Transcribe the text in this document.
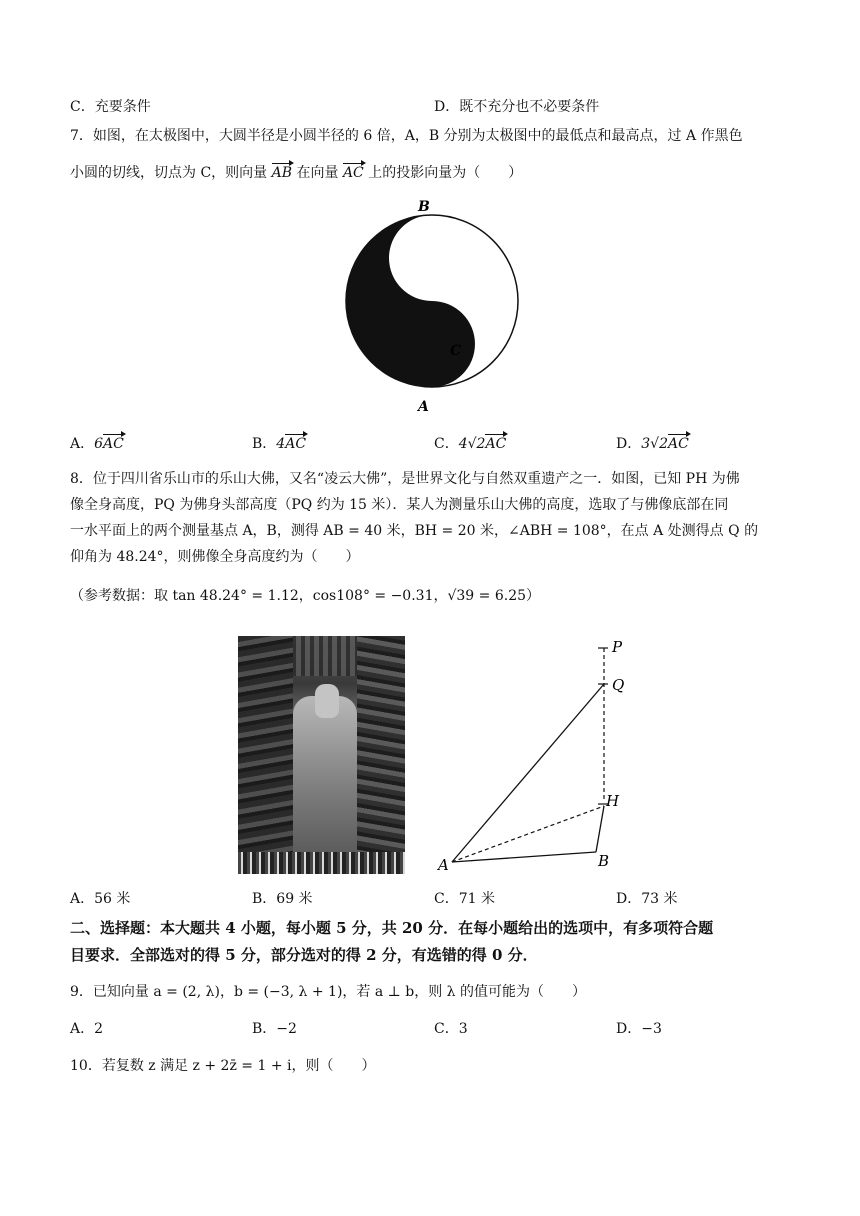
C．充要条件	D．既不充分也不必要条件
7．如图，在太极图中，大圆半径是小圆半径的 6 倍，A，B 分别为太极图中的最低点和最高点，过 A 作黑色
小圆的切线，切点为 C，则向量 AB 在向量 AC 上的投影向量为（　　）
B
C
A
A．6AC	B．4AC	C．4√2AC	D．3√2AC
8．位于四川省乐山市的乐山大佛，又名“凌云大佛”，是世界文化与自然双重遗产之一．如图，已知 PH 为佛
像全身高度，PQ 为佛身头部高度（PQ 约为 15 米）．某人为测量乐山大佛的高度，选取了与佛像底部在同
一水平面上的两个测量基点 A，B，测得 AB = 40 米，BH = 20 米，∠ABH = 108°，在点 A 处测得点 Q 的
仰角为 48.24°，则佛像全身高度约为（　　）
（参考数据：取 tan 48.24° = 1.12，cos108° = −0.31，√39 = 6.25）
P
Q
H
A	B
A．56 米	B．69 米	C．71 米	D．73 米
二、选择题：本大题共 4 小题，每小题 5 分，共 20 分．在每小题给出的选项中，有多项符合题
目要求．全部选对的得 5 分，部分选对的得 2 分，有选错的得 0 分．
9．已知向量 a = (2, λ)，b = (−3, λ + 1)，若 a ⊥ b，则 λ 的值可能为（　　）
A．2	B．−2	C．3	D．−3
10．若复数 z 满足 z + 2z̄ = 1 + i，则（　　）
